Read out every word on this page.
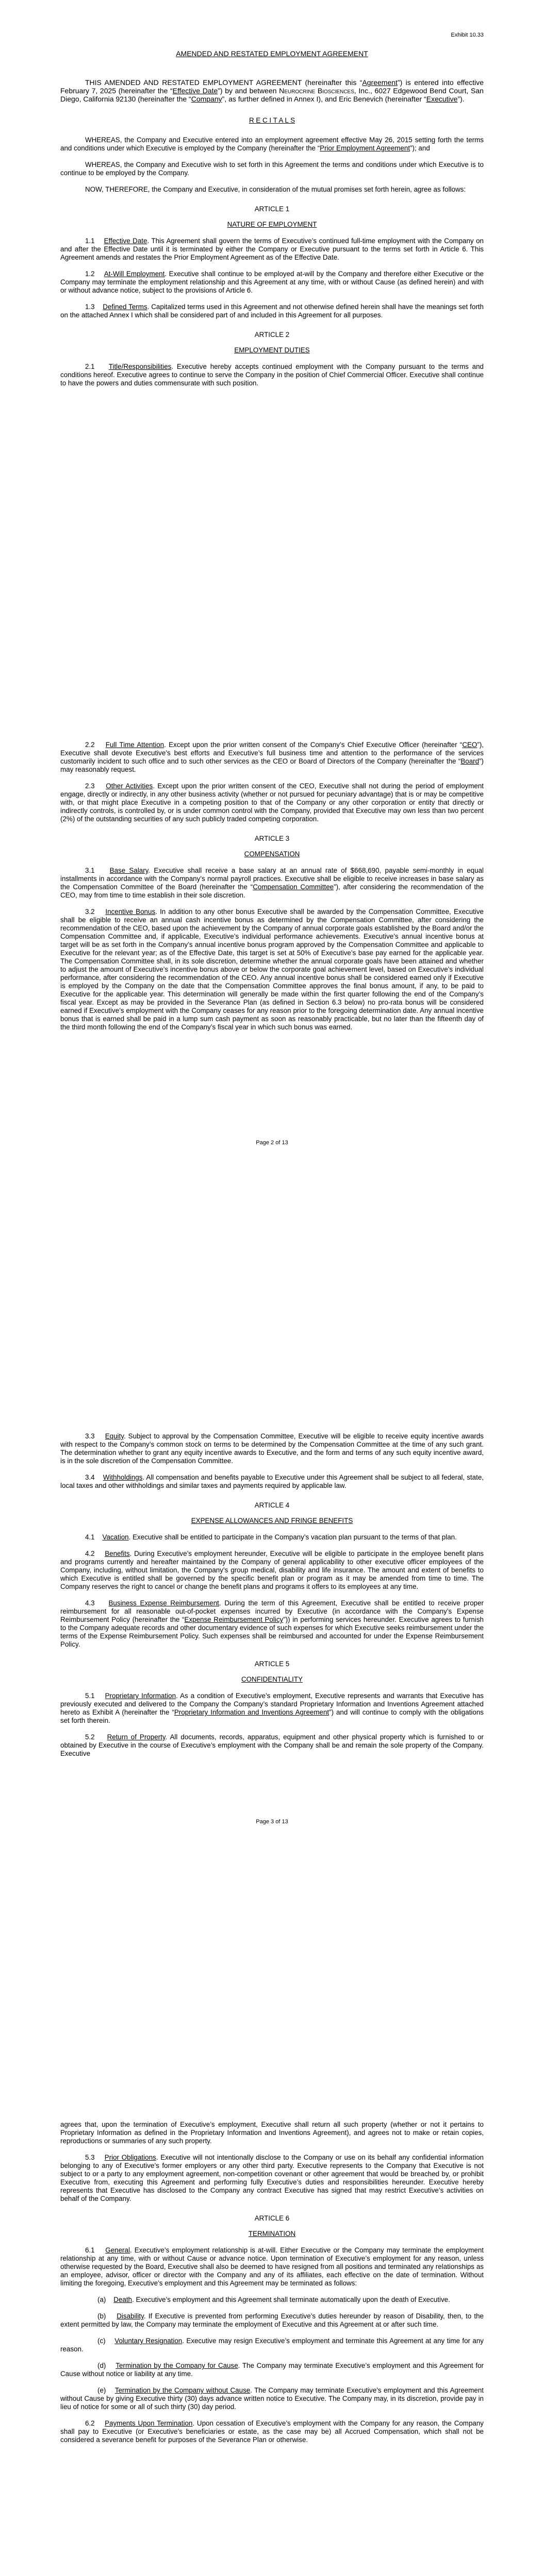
Exhibit 10.33

AMENDED AND RESTATED EMPLOYMENT AGREEMENT

THIS AMENDED AND RESTATED EMPLOYMENT AGREEMENT (hereinafter this “Agreement”) is entered into effective February 7, 2025 (hereinafter the “Effective Date”) by and between Neurocrine Biosciences, Inc., 6027 Edgewood Bend Court, San Diego, California 92130 (hereinafter the “Company”, as further defined in Annex I), and Eric Benevich (hereinafter “Executive”).

R E C I T A L S

WHEREAS, the Company and Executive entered into an employment agreement effective May 26, 2015 setting forth the terms and conditions under which Executive is employed by the Company (hereinafter the “Prior Employment Agreement”); and

WHEREAS, the Company and Executive wish to set forth in this Agreement the terms and conditions under which Executive is to continue to be employed by the Company.

NOW, THEREFORE, the Company and Executive, in consideration of the mutual promises set forth herein, agree as follows:

ARTICLE 1

NATURE OF EMPLOYMENT

1.1 Effective Date. This Agreement shall govern the terms of Executive’s continued full-time employment with the Company on and after the Effective Date until it is terminated by either the Company or Executive pursuant to the terms set forth in Article 6. This Agreement amends and restates the Prior Employment Agreement as of the Effective Date.

1.2 At-Will Employment. Executive shall continue to be employed at-will by the Company and therefore either Executive or the Company may terminate the employment relationship and this Agreement at any time, with or without Cause (as defined herein) and with or without advance notice, subject to the provisions of Article 6.

1.3 Defined Terms. Capitalized terms used in this Agreement and not otherwise defined herein shall have the meanings set forth on the attached Annex I which shall be considered part of and included in this Agreement for all purposes.

ARTICLE 2

EMPLOYMENT DUTIES

2.1 Title/Responsibilities. Executive hereby accepts continued employment with the Company pursuant to the terms and conditions hereof. Executive agrees to continue to serve the Company in the position of Chief Commercial Officer. Executive shall continue to have the powers and duties commensurate with such position.

2.2 Full Time Attention. Except upon the prior written consent of the Company’s Chief Executive Officer (hereinafter “CEO”), Executive shall devote Executive’s best efforts and Executive’s full business time and attention to the performance of the services customarily incident to such office and to such other services as the CEO or Board of Directors of the Company (hereinafter the “Board”) may reasonably request.

2.3 Other Activities. Except upon the prior written consent of the CEO, Executive shall not during the period of employment engage, directly or indirectly, in any other business activity (whether or not pursued for pecuniary advantage) that is or may be competitive with, or that might place Executive in a competing position to that of the Company or any other corporation or entity that directly or indirectly controls, is controlled by, or is under common control with the Company, provided that Executive may own less than two percent (2%) of the outstanding securities of any such publicly traded competing corporation.

ARTICLE 3

COMPENSATION

3.1 Base Salary. Executive shall receive a base salary at an annual rate of $668,690, payable semi-monthly in equal installments in accordance with the Company’s normal payroll practices. Executive shall be eligible to receive increases in base salary as the Compensation Committee of the Board (hereinafter the “Compensation Committee”), after considering the recommendation of the CEO, may from time to time establish in their sole discretion.

3.2 Incentive Bonus. In addition to any other bonus Executive shall be awarded by the Compensation Committee, Executive shall be eligible to receive an annual cash incentive bonus as determined by the Compensation Committee, after considering the recommendation of the CEO, based upon the achievement by the Company of annual corporate goals established by the Board and/or the Compensation Committee and, if applicable, Executive’s individual performance achievements. Executive’s annual incentive bonus at target will be as set forth in the Company’s annual incentive bonus program approved by the Compensation Committee and applicable to Executive for the relevant year; as of the Effective Date, this target is set at 50% of Executive’s base pay earned for the applicable year. The Compensation Committee shall, in its sole discretion, determine whether the annual corporate goals have been attained and whether to adjust the amount of Executive’s incentive bonus above or below the corporate goal achievement level, based on Executive’s individual performance, after considering the recommendation of the CEO. Any annual incentive bonus shall be considered earned only if Executive is employed by the Company on the date that the Compensation Committee approves the final bonus amount, if any, to be paid to Executive for the applicable year. This determination will generally be made within the first quarter following the end of the Company’s fiscal year. Except as may be provided in the Severance Plan (as defined in Section 6.3 below) no pro-rata bonus will be considered earned if Executive’s employment with the Company ceases for any reason prior to the foregoing determination date. Any annual incentive bonus that is earned shall be paid in a lump sum cash payment as soon as reasonably practicable, but no later than the fifteenth day of the third month following the end of the Company’s fiscal year in which such bonus was earned.

Page 2 of 13

3.3 Equity. Subject to approval by the Compensation Committee, Executive will be eligible to receive equity incentive awards with respect to the Company’s common stock on terms to be determined by the Compensation Committee at the time of any such grant. The determination whether to grant any equity incentive awards to Executive, and the form and terms of any such equity incentive award, is in the sole discretion of the Compensation Committee.

3.4 Withholdings. All compensation and benefits payable to Executive under this Agreement shall be subject to all federal, state, local taxes and other withholdings and similar taxes and payments required by applicable law.

ARTICLE 4

EXPENSE ALLOWANCES AND FRINGE BENEFITS

4.1 Vacation. Executive shall be entitled to participate in the Company’s vacation plan pursuant to the terms of that plan.

4.2 Benefits. During Executive’s employment hereunder, Executive will be eligible to participate in the employee benefit plans and programs currently and hereafter maintained by the Company of general applicability to other executive officer employees of the Company, including, without limitation, the Company’s group medical, disability and life insurance. The amount and extent of benefits to which Executive is entitled shall be governed by the specific benefit plan or program as it may be amended from time to time. The Company reserves the right to cancel or change the benefit plans and programs it offers to its employees at any time.

4.3 Business Expense Reimbursement. During the term of this Agreement, Executive shall be entitled to receive proper reimbursement for all reasonable out-of-pocket expenses incurred by Executive (in accordance with the Company’s Expense Reimbursement Policy (hereinafter the “Expense Reimbursement Policy”)) in performing services hereunder. Executive agrees to furnish to the Company adequate records and other documentary evidence of such expenses for which Executive seeks reimbursement under the terms of the Expense Reimbursement Policy. Such expenses shall be reimbursed and accounted for under the Expense Reimbursement Policy.

ARTICLE 5

CONFIDENTIALITY

5.1 Proprietary Information. As a condition of Executive’s employment, Executive represents and warrants that Executive has previously executed and delivered to the Company the Company’s standard Proprietary Information and Inventions Agreement attached hereto as Exhibit A (hereinafter the “Proprietary Information and Inventions Agreement”) and will continue to comply with the obligations set forth therein.

5.2 Return of Property. All documents, records, apparatus, equipment and other physical property which is furnished to or obtained by Executive in the course of Executive’s employment with the Company shall be and remain the sole property of the Company. Executive

Page 3 of 13

agrees that, upon the termination of Executive’s employment, Executive shall return all such property (whether or not it pertains to Proprietary Information as defined in the Proprietary Information and Inventions Agreement), and agrees not to make or retain copies, reproductions or summaries of any such property.

5.3 Prior Obligations. Executive will not intentionally disclose to the Company or use on its behalf any confidential information belonging to any of Executive’s former employers or any other third party. Executive represents to the Company that Executive is not subject to or a party to any employment agreement, non-competition covenant or other agreement that would be breached by, or prohibit Executive from, executing this Agreement and performing fully Executive’s duties and responsibilities hereunder. Executive hereby represents that Executive has disclosed to the Company any contract Executive has signed that may restrict Executive’s activities on behalf of the Company.

ARTICLE 6

TERMINATION

6.1 General. Executive’s employment relationship is at-will. Either Executive or the Company may terminate the employment relationship at any time, with or without Cause or advance notice. Upon termination of Executive’s employment for any reason, unless otherwise requested by the Board, Executive shall also be deemed to have resigned from all positions and terminated any relationships as an employee, advisor, officer or director with the Company and any of its affiliates, each effective on the date of termination. Without limiting the foregoing, Executive’s employment and this Agreement may be terminated as follows:

(a) Death. Executive’s employment and this Agreement shall terminate automatically upon the death of Executive.

(b) Disability. If Executive is prevented from performing Executive’s duties hereunder by reason of Disability, then, to the extent permitted by law, the Company may terminate the employment of Executive and this Agreement at or after such time.

(c) Voluntary Resignation. Executive may resign Executive’s employment and terminate this Agreement at any time for any reason.

(d) Termination by the Company for Cause. The Company may terminate Executive’s employment and this Agreement for Cause without notice or liability at any time.

(e) Termination by the Company without Cause. The Company may terminate Executive’s employment and this Agreement without Cause by giving Executive thirty (30) days advance written notice to Executive. The Company may, in its discretion, provide pay in lieu of notice for some or all of such thirty (30) day period.

6.2 Payments Upon Termination. Upon cessation of Executive’s employment with the Company for any reason, the Company shall pay to Executive (or Executive’s beneficiaries or estate, as the case may be) all Accrued Compensation, which shall not be considered a severance benefit for purposes of the Severance Plan or otherwise.
